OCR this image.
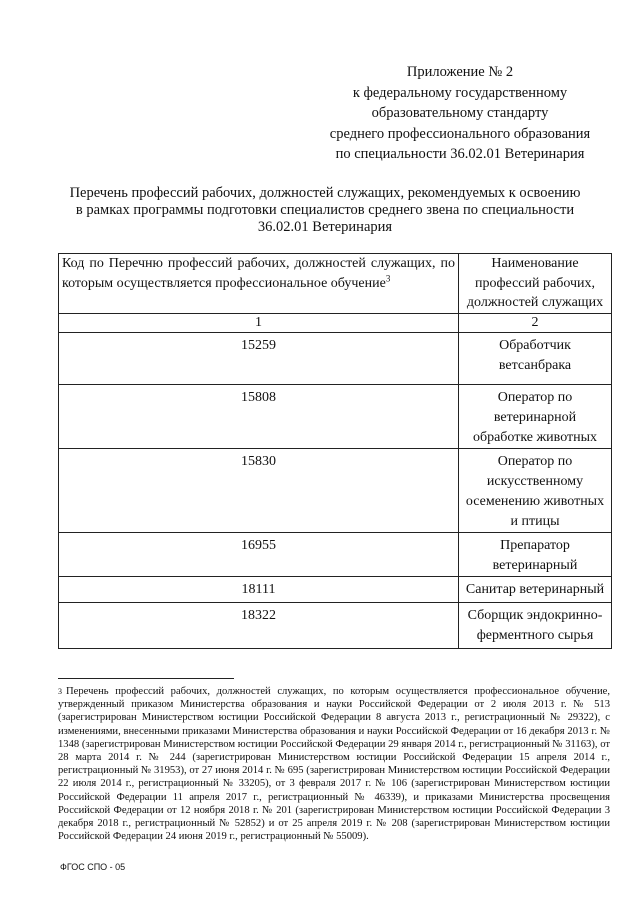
Приложение № 2
к федеральному государственному
образовательному стандарту
среднего профессионального образования
по специальности 36.02.01 Ветеринария
Перечень профессий рабочих, должностей служащих, рекомендуемых к освоению
в рамках программы подготовки специалистов среднего звена по специальности
36.02.01 Ветеринария
Код по Перечню профессий рабочих, должностей служащих, по которым осуществляется профессиональное обучение$^3$	Наименование
профессий рабочих,
должностей служащих

1	2
15259	Обработчик
ветсанбрака

15808	Оператор по
ветеринарной
обработке животных

15830	Оператор по
искусственному
осеменению животных
и птицы

16955	Препаратор
ветеринарный

18111	Санитар ветеринарный

18322	Сборщик эндокринно-
ферментного сырья
$^3$ Перечень профессий рабочих, должностей служащих, по которым осуществляется профессиональное обучение, утвержденный приказом Министерства образования и науки Российской Федерации от 2 июля 2013 г. № 513 (зарегистрирован Министерством юстиции Российской Федерации 8 августа 2013 г., регистрационный № 29322), с изменениями, внесенными приказами Министерства образования и науки Российской Федерации от 16 декабря 2013 г. № 1348 (зарегистрирован Министерством юстиции Российской Федерации 29 января 2014 г., регистрационный № 31163), от 28 марта 2014 г. № 244 (зарегистрирован Министерством юстиции Российской Федерации 15 апреля 2014 г., регистрационный № 31953), от 27 июня 2014 г. № 695 (зарегистрирован Министерством юстиции Российской Федерации 22 июля 2014 г., регистрационный № 33205), от 3 февраля 2017 г. № 106 (зарегистрирован Министерством юстиции Российской Федерации 11 апреля 2017 г., регистрационный № 46339), и приказами Министерства просвещения Российской Федерации от 12 ноября 2018 г. № 201 (зарегистрирован Министерством юстиции Российской Федерации 3 декабря 2018 г., регистрационный № 52852) и от 25 апреля 2019 г. № 208 (зарегистрирован Министерством юстиции Российской Федерации 24 июня 2019 г., регистрационный № 55009).
ФГОС СПО - 05
